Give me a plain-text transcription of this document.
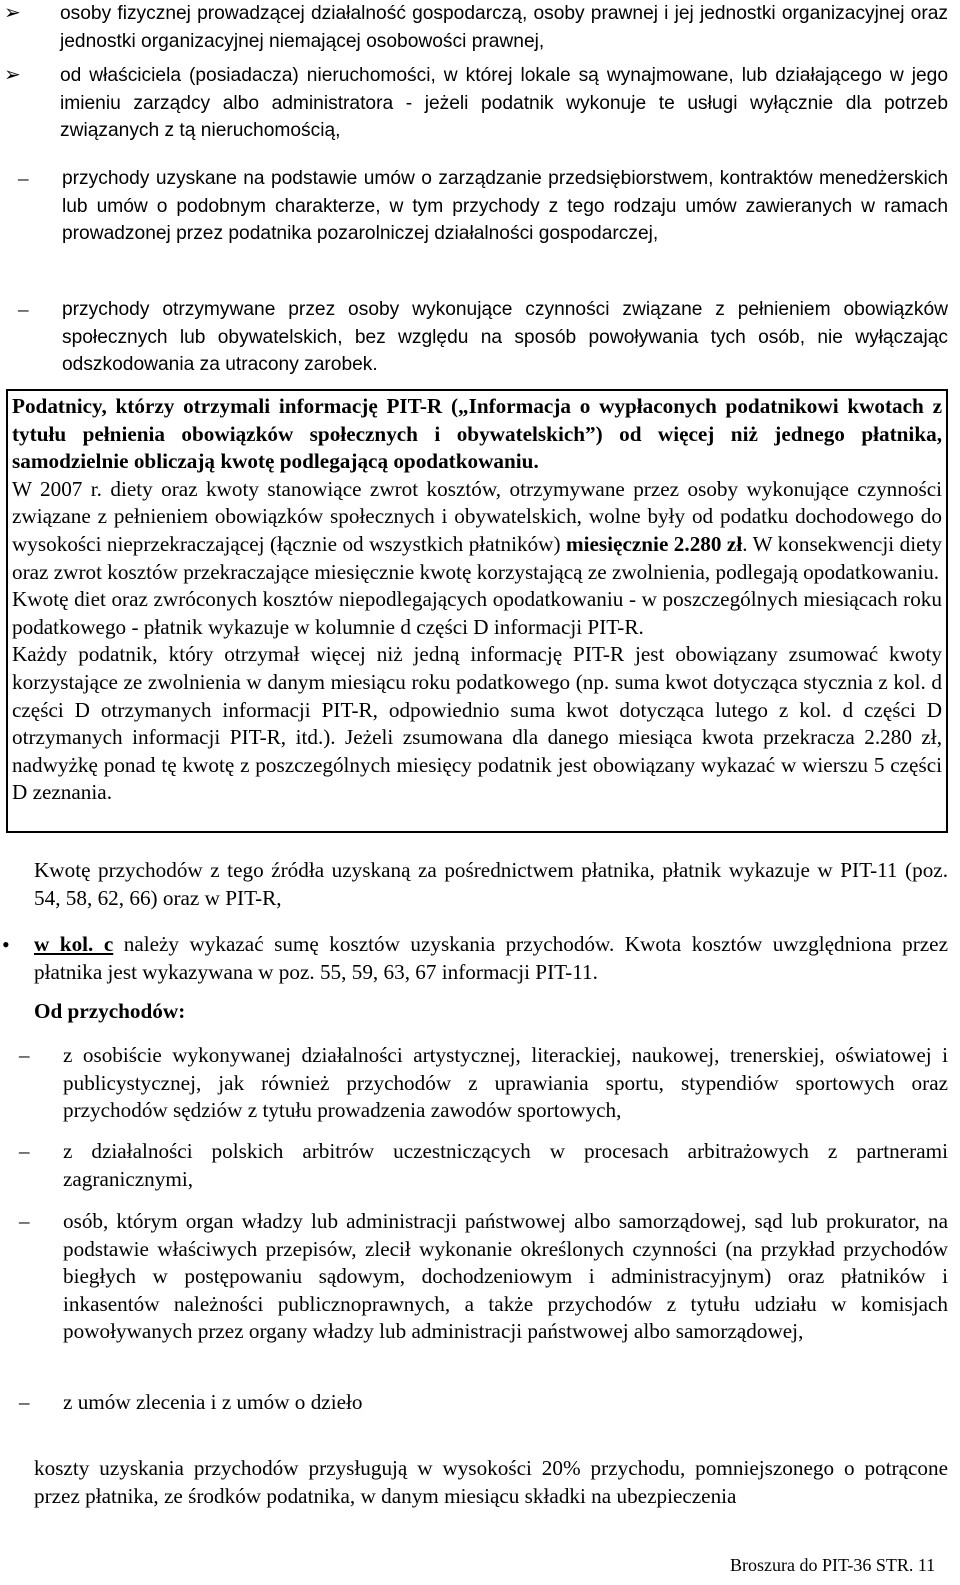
➢ osoby fizycznej prowadzącej działalność gospodarczą, osoby prawnej i jej jednostki organizacyjnej oraz jednostki organizacyjnej niemającej osobowości prawnej,
➢ od właściciela (posiadacza) nieruchomości, w której lokale są wynajmowane, lub działającego w jego imieniu zarządcy albo administratora - jeżeli podatnik wykonuje te usługi wyłącznie dla potrzeb związanych z tą nieruchomością,
– przychody uzyskane na podstawie umów o zarządzanie przedsiębiorstwem, kontraktów menedżerskich lub umów o podobnym charakterze, w tym przychody z tego rodzaju umów zawieranych w ramach prowadzonej przez podatnika pozarolniczej działalności gospodarczej,
– przychody otrzymywane przez osoby wykonujące czynności związane z pełnieniem obowiązków społecznych lub obywatelskich, bez względu na sposób powoływania tych osób, nie wyłączając odszkodowania za utracony zarobek.
Podatnicy, którzy otrzymali informację PIT-R („Informacja o wypłaconych podatnikowi kwotach z tytułu pełnienia obowiązków społecznych i obywatelskich”) od więcej niż jednego płatnika, samodzielnie obliczają kwotę podlegającą opodatkowaniu.
W 2007 r. diety oraz kwoty stanowiące zwrot kosztów, otrzymywane przez osoby wykonujące czynności związane z pełnieniem obowiązków społecznych i obywatelskich, wolne były od podatku dochodowego do wysokości nieprzekraczającej (łącznie od wszystkich płatników) miesięcznie 2.280 zł. W konsekwencji diety oraz zwrot kosztów przekraczające miesięcznie kwotę korzystającą ze zwolnienia, podlegają opodatkowaniu.
Kwotę diet oraz zwróconych kosztów niepodlegających opodatkowaniu - w poszczególnych miesiącach roku podatkowego - płatnik wykazuje w kolumnie d części D informacji PIT-R.
Każdy podatnik, który otrzymał więcej niż jedną informację PIT-R jest obowiązany zsumować kwoty korzystające ze zwolnienia w danym miesiącu roku podatkowego (np. suma kwot dotycząca stycznia z kol. d części D otrzymanych informacji PIT-R, odpowiednio suma kwot dotycząca lutego z kol. d części D otrzymanych informacji PIT-R, itd.). Jeżeli zsumowana dla danego miesiąca kwota przekracza 2.280 zł, nadwyżkę ponad tę kwotę z poszczególnych miesięcy podatnik jest obowiązany wykazać w wierszu 5 części D zeznania.
Kwotę przychodów z tego źródła uzyskaną za pośrednictwem płatnika, płatnik wykazuje w PIT-11 (poz. 54, 58, 62, 66) oraz w PIT-R,
• w kol. c należy wykazać sumę kosztów uzyskania przychodów. Kwota kosztów uwzględniona przez płatnika jest wykazywana w poz. 55, 59, 63, 67 informacji PIT-11.
Od przychodów:
– z osobiście wykonywanej działalności artystycznej, literackiej, naukowej, trenerskiej, oświatowej i publicystycznej, jak również przychodów z uprawiania sportu, stypendiów sportowych oraz przychodów sędziów z tytułu prowadzenia zawodów sportowych,
– z działalności polskich arbitrów uczestniczących w procesach arbitrażowych z partnerami zagranicznymi,
– osób, którym organ władzy lub administracji państwowej albo samorządowej, sąd lub prokurator, na podstawie właściwych przepisów, zlecił wykonanie określonych czynności (na przykład przychodów biegłych w postępowaniu sądowym, dochodzeniowym i administracyjnym) oraz płatników i inkasentów należności publicznoprawnych, a także przychodów z tytułu udziału w komisjach powoływanych przez organy władzy lub administracji państwowej albo samorządowej,
– z umów zlecenia i z umów o dzieło
koszty uzyskania przychodów przysługują w wysokości 20% przychodu, pomniejszonego o potrącone przez płatnika, ze środków podatnika, w danym miesiącu składki na ubezpieczenia
Broszura do PIT-36 STR. 11
